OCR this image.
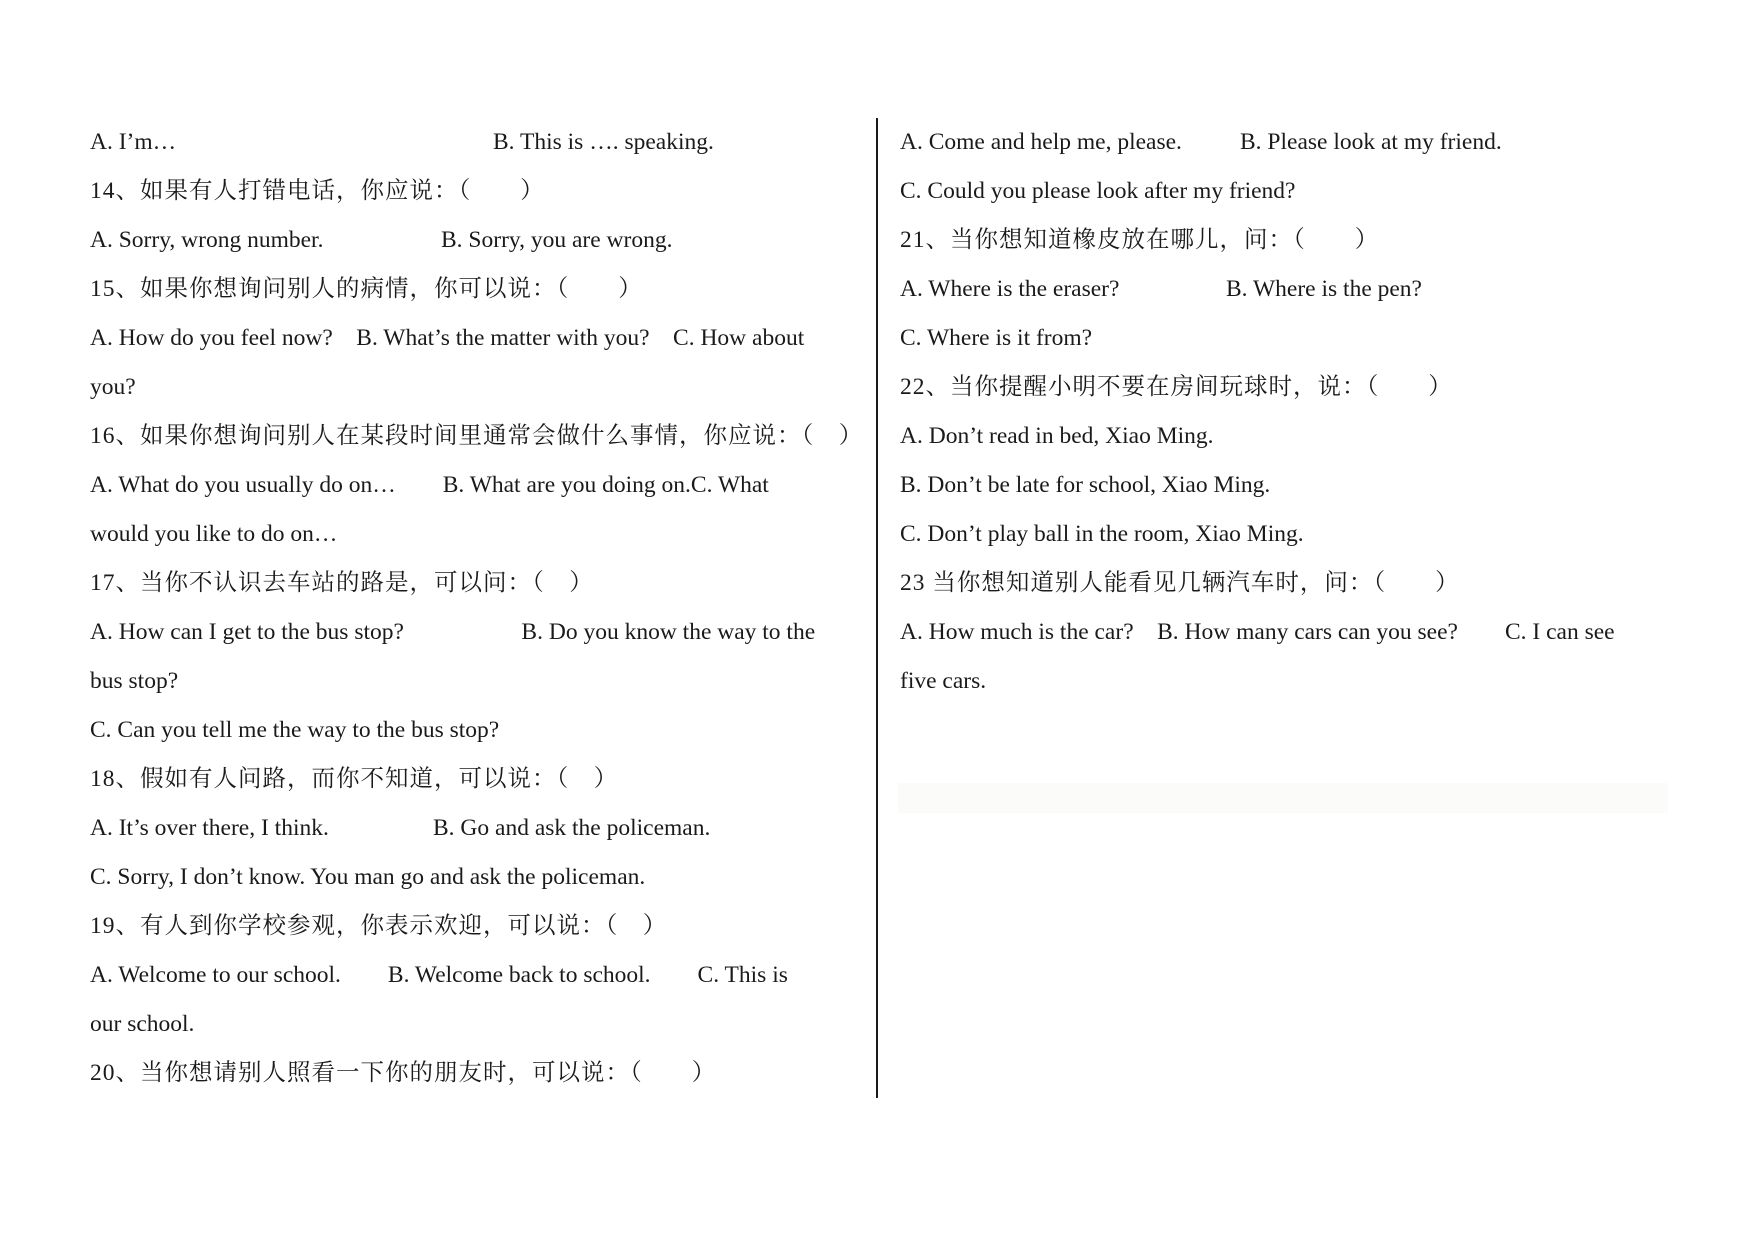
A. I’m…	B. This is …. speaking.
14、如果有人打错电话，你应说：（　　）
A. Sorry, wrong number.	B. Sorry, you are wrong.
15、如果你想询问别人的病情，你可以说：（　　）
A. How do you feel now?　B. What’s the matter with you?　C. How about
you?
16、如果你想询问别人在某段时间里通常会做什么事情，你应说：（　）
A. What do you usually do on…　　B. What are you doing on.C. What
would you like to do on…
17、当你不认识去车站的路是，可以问：（　）
A. How can I get to the bus stop?　　　　　B. Do you know the way to the
bus stop?
C. Can you tell me the way to the bus stop?
18、假如有人问路，而你不知道，可以说：（　）
A. It’s over there, I think.	B. Go and ask the policeman.
C. Sorry, I don’t know. You man go and ask the policeman.
19、有人到你学校参观，你表示欢迎，可以说：（　）
A. Welcome to our school.　　B. Welcome back to school.　　C. This is
our school.
20、当你想请别人照看一下你的朋友时，可以说：（　　）
A. Come and help me, please. B. Please look at my friend.
C. Could you please look after my friend?
21、当你想知道橡皮放在哪儿，问：（　　）
A. Where is the eraser?	B. Where is the pen?
C. Where is it from?
22、当你提醒小明不要在房间玩球时，说：（　　）
A. Don’t read in bed, Xiao Ming.
B. Don’t be late for school, Xiao Ming.
C. Don’t play ball in the room, Xiao Ming.
23 当你想知道别人能看见几辆汽车时，问：（　　）
A. How much is the car?　B. How many cars can you see?　　C. I can see
five cars.
